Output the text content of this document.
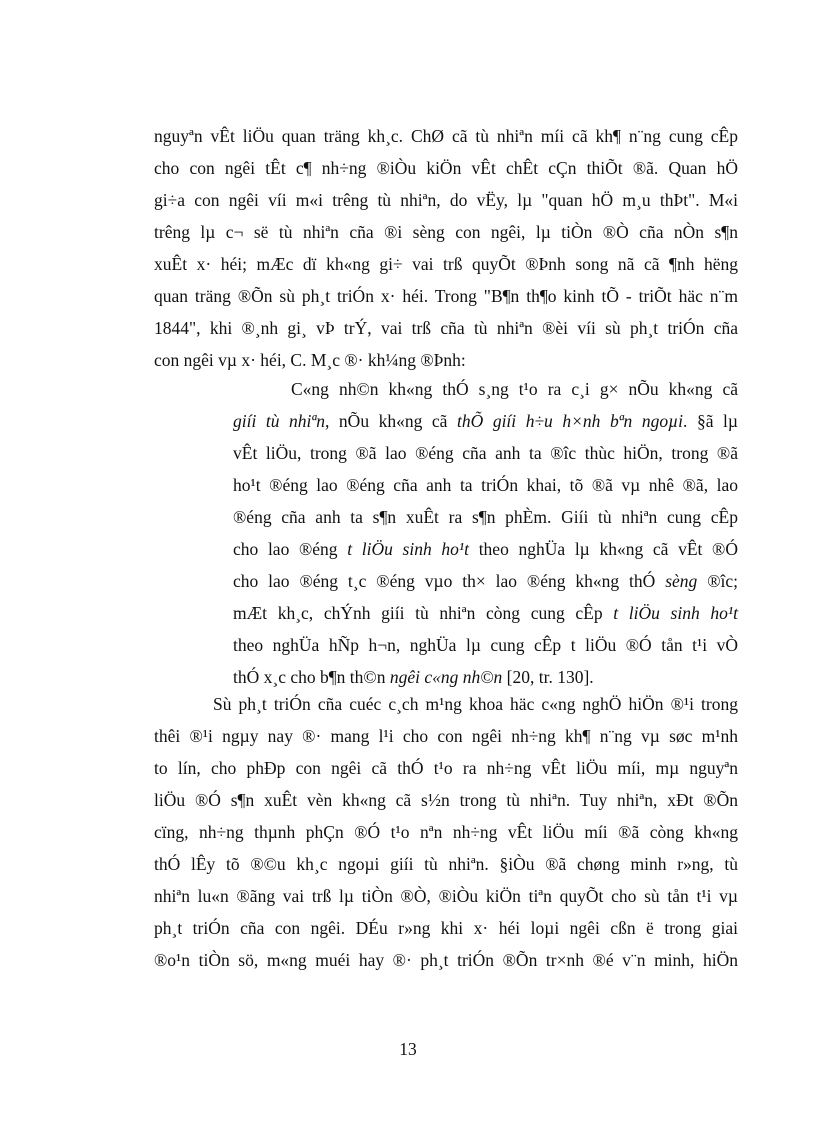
nguyªn vÊt liÖu quan träng kh¸c. ChØ cã tù nhiªn míi cã kh¶ n¨ng cung cÊp
cho con ngêi tÊt c¶ nh÷ng ®iÒu kiÖn vÊt chÊt cÇn thiÕt ®ã. Quan hÖ
gi÷a con ngêi víi m«i trêng tù nhiªn, do vËy, lµ "quan hÖ m¸u thÞt". M«i
trêng lµ c¬ së tù nhiªn cña ®i sèng con ngêi, lµ tiÒn ®Ò cña nÒn s¶n
xuÊt x· héi; mÆc dï kh«ng gi÷ vai trß quyÕt ®Þnh song nã cã ¶nh hëng
quan träng ®Õn sù ph¸t triÓn x· héi. Trong "B¶n th¶o kinh tÕ - triÕt häc n¨m
1844", khi ®¸nh gi¸ vÞ trÝ, vai trß cña tù nhiªn ®èi víi sù ph¸t triÓn cña
con ngêi vµ x· héi, C. M¸c ®· kh¼ng ®Þnh:
C«ng nh©n kh«ng thÓ s¸ng t¹o ra c¸i g× nÕu kh«ng cã
giíi tù nhiªn, nÕu kh«ng cã thÕ giíi h÷u h×nh bªn ngoµi. §ã lµ
vÊt liÖu, trong ®ã lao ®éng cña anh ta ®îc thùc hiÖn, trong ®ã
ho¹t ®éng lao ®éng cña anh ta triÓn khai, tõ ®ã vµ nhê ®ã, lao
®éng cña anh ta s¶n xuÊt ra s¶n phÈm. Giíi tù nhiªn cung cÊp
cho lao ®éng t liÖu sinh ho¹t theo nghÜa lµ kh«ng cã vÊt ®Ó
cho lao ®éng t¸c ®éng vµo th× lao ®éng kh«ng thÓ sèng ®îc;
mÆt kh¸c, chÝnh giíi tù nhiªn còng cung cÊp t liÖu sinh ho¹t
theo nghÜa hÑp h¬n, nghÜa lµ cung cÊp t liÖu ®Ó tån t¹i vÒ
thÓ x¸c cho b¶n th©n ngêi c«ng nh©n [20, tr. 130].
Sù ph¸t triÓn cña cuéc c¸ch m¹ng khoa häc c«ng nghÖ hiÖn ®¹i trong
thêi ®¹i ngµy nay ®· mang l¹i cho con ngêi nh÷ng kh¶ n¨ng vµ søc m¹nh
to lín, cho phÐp con ngêi cã thÓ t¹o ra nh÷ng vÊt liÖu míi, mµ nguyªn
liÖu ®Ó s¶n xuÊt vèn kh«ng cã s½n trong tù nhiªn. Tuy nhiªn, xÐt ®Õn
cïng, nh÷ng thµnh phÇn ®Ó t¹o nªn nh÷ng vÊt liÖu míi ®ã còng kh«ng
thÓ lÊy tõ ®©u kh¸c ngoµi giíi tù nhiªn. §iÒu ®ã chøng minh r»ng, tù
nhiªn lu«n ®ãng vai trß lµ tiÒn ®Ò, ®iÒu kiÖn tiªn quyÕt cho sù tån t¹i vµ
ph¸t triÓn cña con ngêi. DÉu r»ng khi x· héi loµi ngêi cßn ë trong giai
®o¹n tiÒn sö, m«ng muéi hay ®· ph¸t triÓn ®Õn tr×nh ®é v¨n minh, hiÖn
13
